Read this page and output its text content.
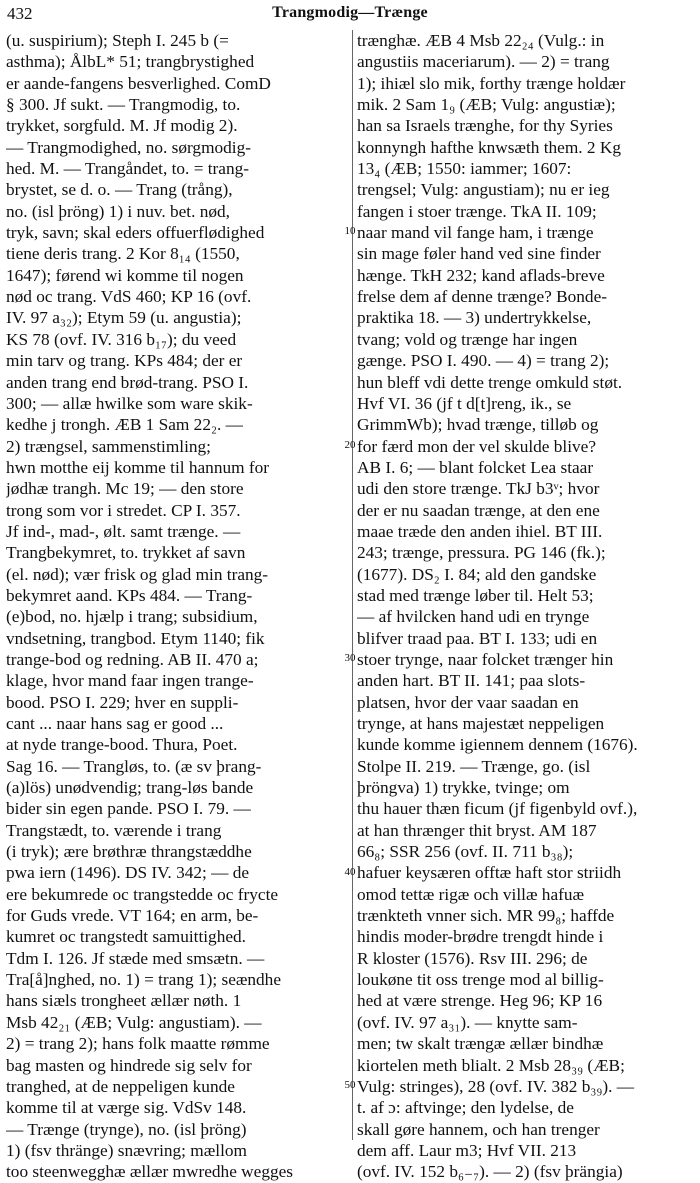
432	Trangmodig—Trænge
(u. suspirium); Steph I. 245 b (=
asthma); ÅlbL* 51; trangbrystighed
er aande-fangens besverlighed. ComD
§ 300. Jf sukt. — Trangmodig, to.
trykket, sorgfuld. M. Jf modig 2).
— Trangmodighed, no. sørgmodig-
hed. M. — Trangåndet, to. = trang-
brystet, se d. o. — Trang (trång),
no. (isl þröng) 1) i nuv. bet. nød,
tryk, savn; skal eders offuerflødighed
tiene deris trang. 2 Kor 8₁₄ (1550,
1647); førend wi komme til nogen
nød oc trang. VdS 460; KP 16 (ovf.
IV. 97 a₃₂); Etym 59 (u. angustia);
KS 78 (ovf. IV. 316 b₁₇); du veed
min tarv og trang. KPs 484; der er
anden trang end brød-trang. PSO I.
300; — allæ hwilke som ware skik-
kedhe j trongh. ÆB 1 Sam 22₂. —
2) trængsel, sammenstimling;
hwn motthe eij komme til hannum for
jødhæ trangh. Mc 19; — den store
trong som vor i stredet. CP I. 357.
Jf ind-, mad-, ølt. samt trænge. —
Trangbekymret, to. trykket af savn
(el. nød); vær frisk og glad min trang-
bekymret aand. KPs 484. — Trang-
(e)bod, no. hjælp i trang; subsidium,
vndsetning, trangbod. Etym 1140; fik
trange-bod og redning. AB II. 470 a;
klage, hvor mand faar ingen trange-
bood. PSO I. 229; hver en suppli-
cant ... naar hans sag er good ...
at nyde trange-bood. Thura, Poet.
Sag 16. — Trangløs, to. (æ sv þrang-
(a)lös) unødvendig; trang-løs bande
bider sin egen pande. PSO I. 79. —
Trangstædt, to. værende i trang
(i tryk); ære brøthræ thrangstæddhe
pwa iern (1496). DS IV. 342; — de
ere bekumrede oc trangstedde oc frycte
for Guds vrede. VT 164; en arm, be-
kumret oc trangstedt samuittighed.
Tdm I. 126. Jf stæde med smsætn. —
Tra[å]nghed, no. 1) = trang 1); seændhe
hans siæls trongheet ællær nøth. 1
Msb 42₂₁ (ÆB; Vulg: angustiam). —
2) = trang 2); hans folk maatte rømme
bag masten og hindrede sig selv for
tranghed, at de neppeligen kunde
komme til at værge sig. VdSv 148.
— Trænge (trynge), no. (isl þröng)
1) (fsv thränge) snævring; mællom
too steenwegghæ ællær mwredhe wegges
trænghæ. ÆB 4 Msb 22₂₄ (Vulg.: in
angustiis maceriarum). — 2) = trang
1); ihiæl slo mik, forthy trænge holdær
mik. 2 Sam 1₉ (ÆB; Vulg: angustiæ);
han sa Israels trænghe, for thy Syries
konnyngh hafthe knwsæth them. 2 Kg
13₄ (ÆB; 1550: iammer; 1607:
trengsel; Vulg: angustiam); nu er ieg
fangen i stoer trænge. TkA II. 109;
naar mand vil fange ham, i trænge
sin mage føler hand ved sine finder
hænge. TkH 232; kand aflads-breve
frelse dem af denne trænge? Bonde-
praktika 18. — 3) undertrykkelse,
tvang; vold og trænge har ingen
gænge. PSO I. 490. — 4) = trang 2);
hun bleff vdi dette trenge omkuld støt.
Hvf VI. 36 (jf t d[t]reng, ik., se
GrimmWb); hvad trænge, tilløb og
for færd mon der vel skulde blive?
AB I. 6; — blant folcket Lea staar
udi den store trænge. TkJ b3ᵛ; hvor
der er nu saadan trænge, at den ene
maae træde den anden ihiel. BT III.
243; trænge, pressura. PG 146 (fk.);
(1677). DS₂ I. 84; ald den gandske
stad med trænge løber til. Helt 53;
— af hvilcken hand udi en trynge
blifver traad paa. BT I. 133; udi en
stoer trynge, naar folcket trænger hin
anden hart. BT II. 141; paa slots-
platsen, hvor der vaar saadan en
trynge, at hans majestæt neppeligen
kunde komme igiennem dennem (1676).
Stolpe II. 219. — Trænge, go. (isl
þröngva) 1) trykke, tvinge; om
thu hauer thæn ficum (jf figenbyld ovf.),
at han thrænger thit bryst. AM 187
66₈; SSR 256 (ovf. II. 711 b₃₈);
hafuer keysæren offtæ haft stor striidh
omod tettæ rigæ och villæ hafuæ
trænkteth vnner sich. MR 99₈; haffde
hindis moder-brødre trengdt hinde i
R kloster (1576). Rsv III. 296; de
loukøne tit oss trenge mod al billig-
hed at være strenge. Heg 96; KP 16
(ovf. IV. 97 a₃₁). — knytte sam-
men; tw skalt trængæ ællær bindhæ
kiortelen meth blialt. 2 Msb 28₃₉ (ÆB;
Vulg: stringes), 28 (ovf. IV. 382 b₃₉). —
t. af ɔ: aftvinge; den lydelse, de
skall gøre hannem, och han trenger
dem aff. Laur m3; Hvf VII. 213
(ovf. IV. 152 b₆₋₇). — 2) (fsv þrängia)
10
20
30
40
50
